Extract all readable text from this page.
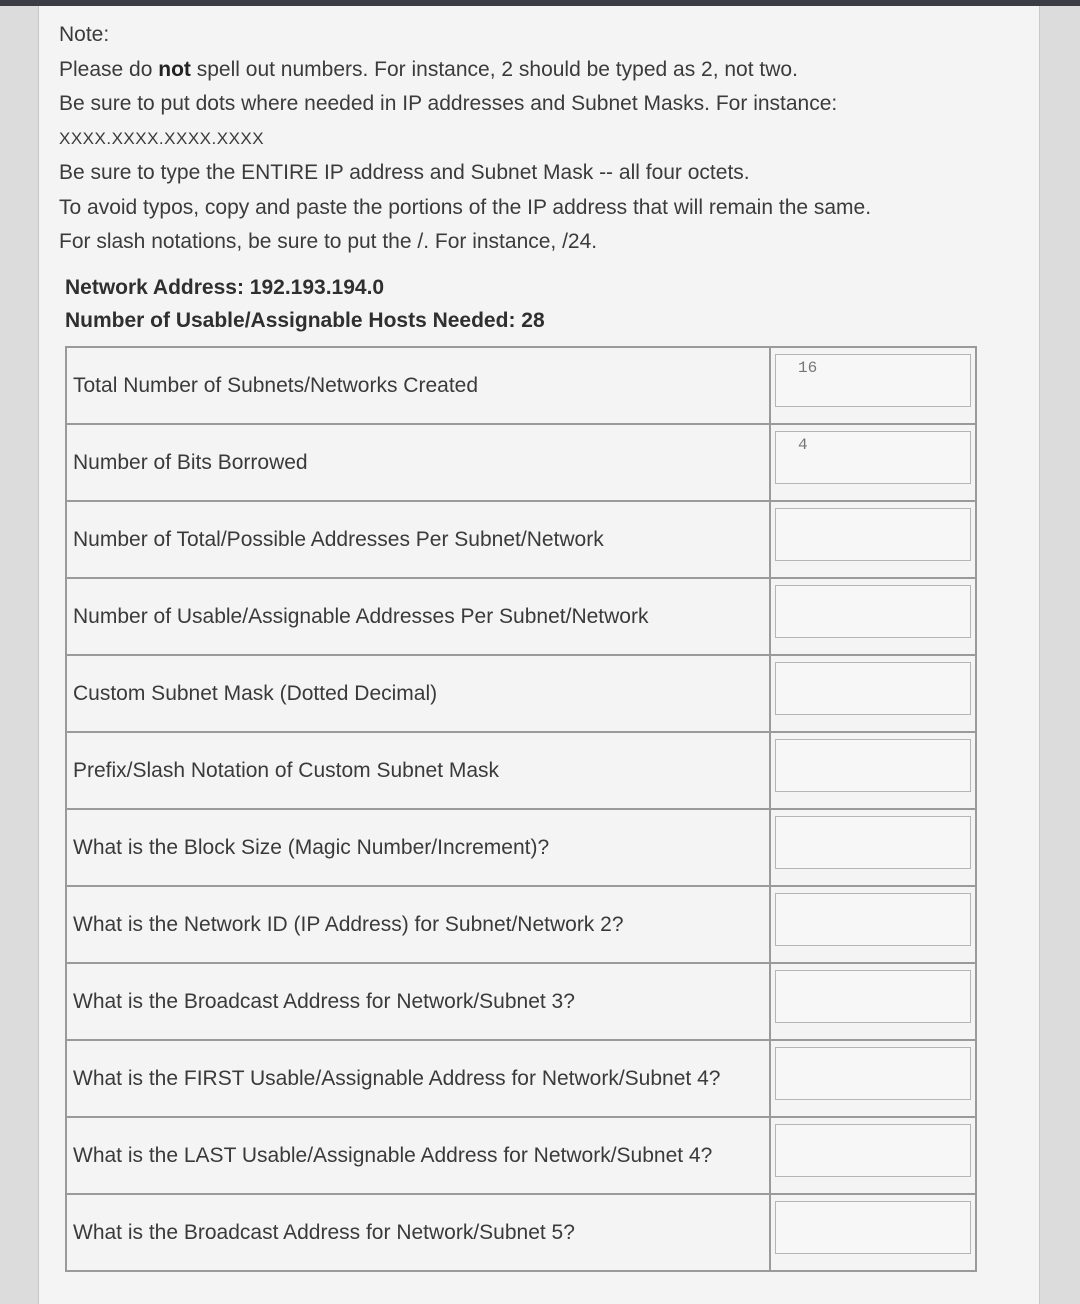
Note:
Please do not spell out numbers. For instance, 2 should be typed as 2, not two.
Be sure to put dots where needed in IP addresses and Subnet Masks. For instance:
XXXX.XXXX.XXXX.XXXX
Be sure to type the ENTIRE IP address and Subnet Mask -- all four octets.
To avoid typos, copy and paste the portions of the IP address that will remain the same.
For slash notations, be sure to put the /. For instance, /24.
Network Address: 192.193.194.0
Number of Usable/Assignable Hosts Needed: 28
Total Number of Subnets/Networks Created	16

Number of Bits Borrowed	4

Number of Total/Possible Addresses Per Subnet/Network	

Number of Usable/Assignable Addresses Per Subnet/Network	

Custom Subnet Mask (Dotted Decimal)	

Prefix/Slash Notation of Custom Subnet Mask	

What is the Block Size (Magic Number/Increment)?	

What is the Network ID (IP Address) for Subnet/Network 2?	

What is the Broadcast Address for Network/Subnet 3?	

What is the FIRST Usable/Assignable Address for Network/Subnet 4?	

What is the LAST Usable/Assignable Address for Network/Subnet 4?	

What is the Broadcast Address for Network/Subnet 5?	
